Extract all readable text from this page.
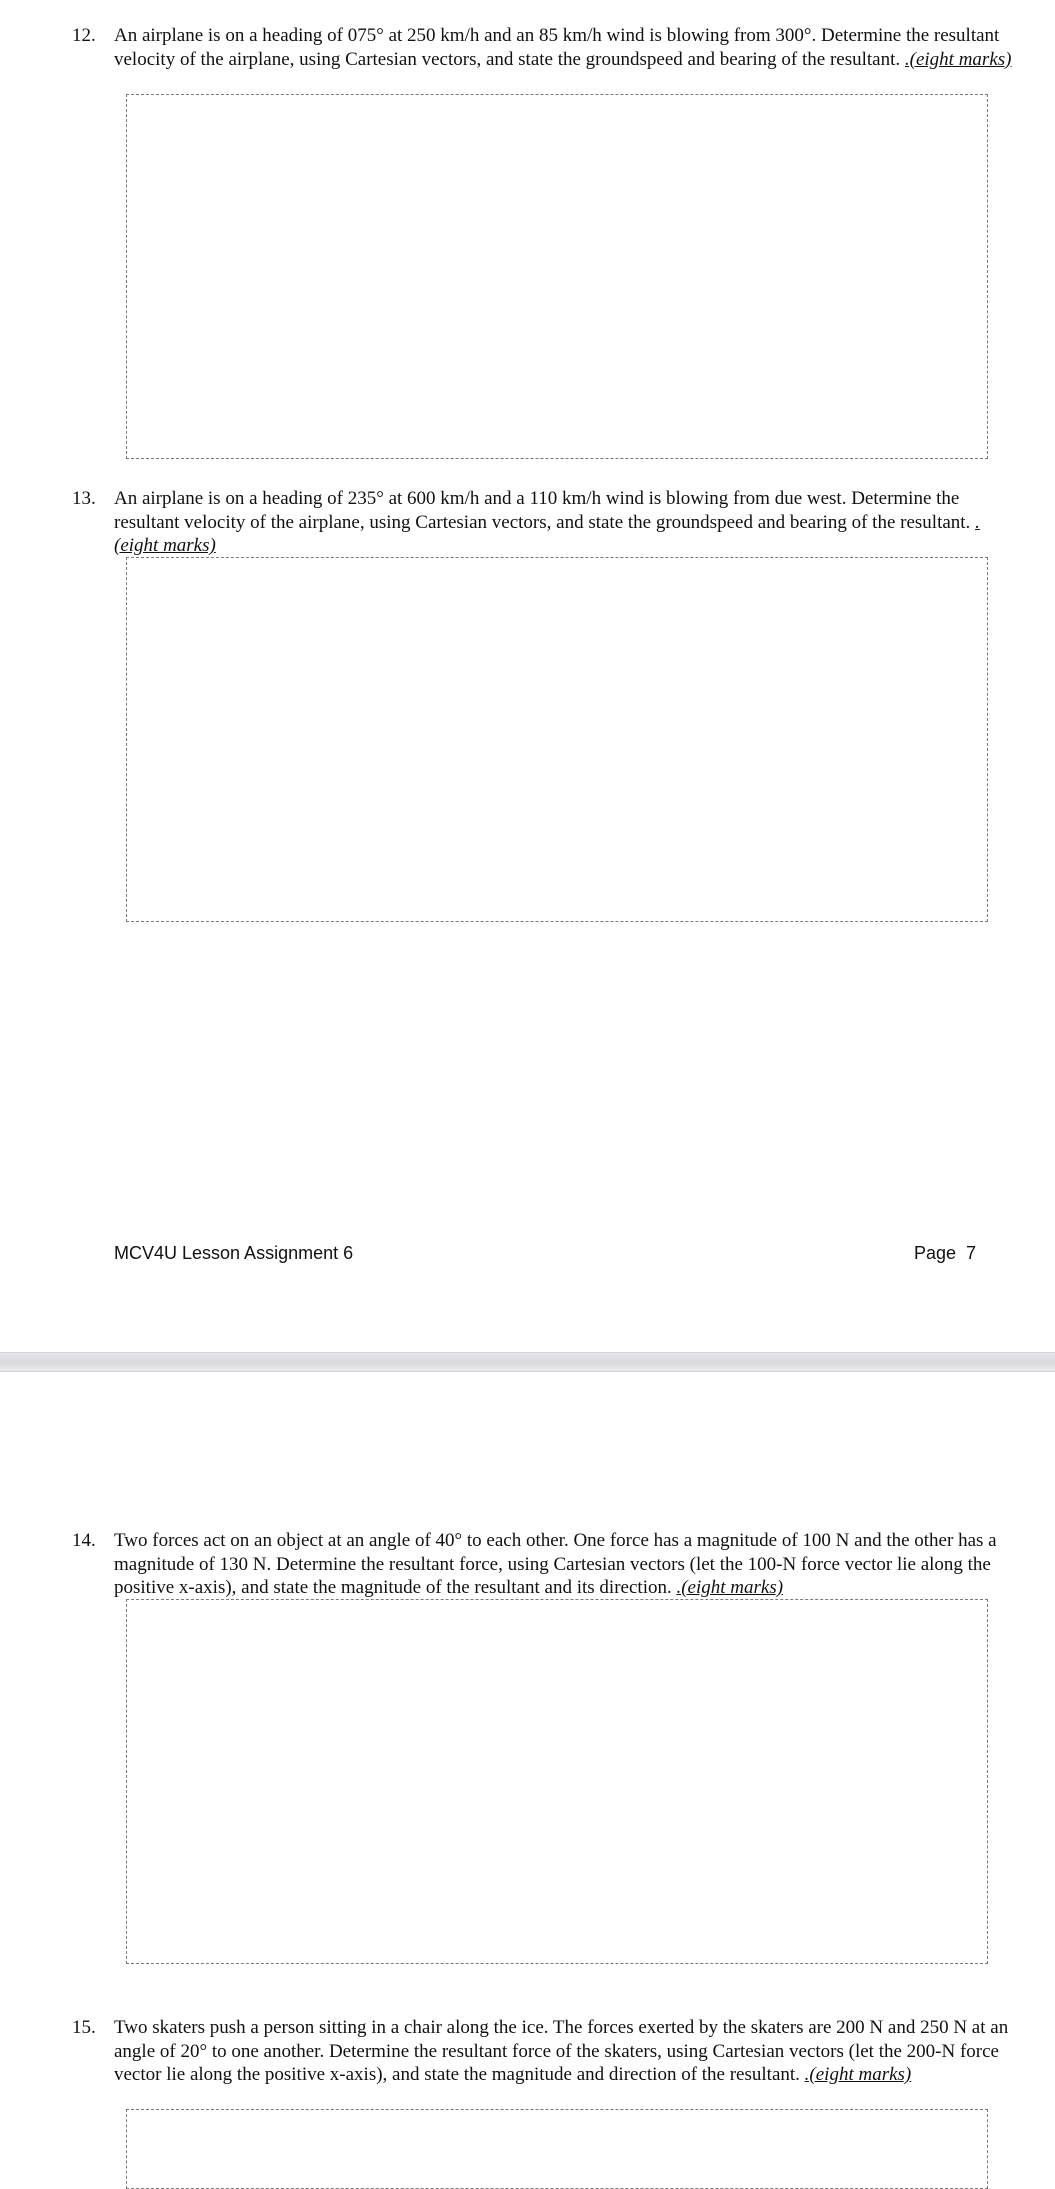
12. An airplane is on a heading of 075° at 250 km/h and an 85 km/h wind is blowing from 300°. Determine the resultant velocity of the airplane, using Cartesian vectors, and state the groundspeed and bearing of the resultant. .(eight marks)
13. An airplane is on a heading of 235° at 600 km/h and a 110 km/h wind is blowing from due west. Determine the resultant velocity of the airplane, using Cartesian vectors, and state the groundspeed and bearing of the resultant. .(eight marks)
MCV4U Lesson Assignment 6	Page  7
14. Two forces act on an object at an angle of 40° to each other. One force has a magnitude of 100 N and the other has a magnitude of 130 N. Determine the resultant force, using Cartesian vectors (let the 100-N force vector lie along the positive x-axis), and state the magnitude of the resultant and its direction. .(eight marks)
15. Two skaters push a person sitting in a chair along the ice. The forces exerted by the skaters are 200 N and 250 N at an angle of 20° to one another. Determine the resultant force of the skaters, using Cartesian vectors (let the 200-N force vector lie along the positive x-axis), and state the magnitude and direction of the resultant. .(eight marks)
